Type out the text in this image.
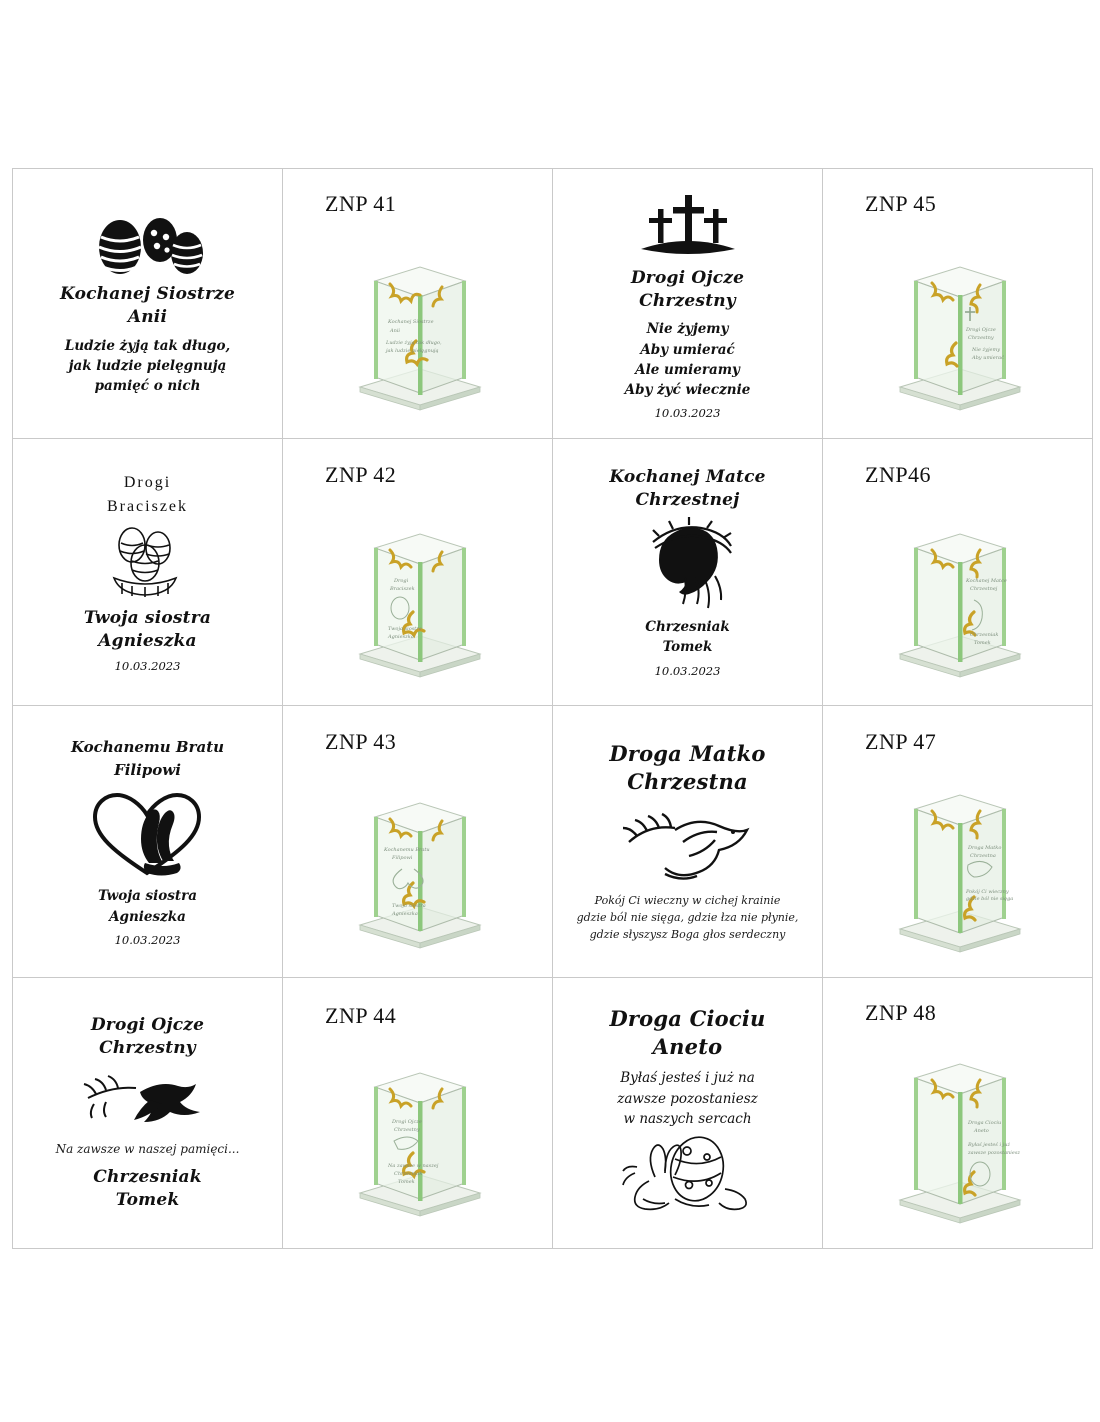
Kochanej Siostrze
Anii
Ludzie żyją tak długo,
jak ludzie pielęgnują
pamięć o nich

ZNP 41
Kochanej Siostrze
Anii
Ludzie żyją tak długo,
jak ludzie pielęgnują

Drogi Ojcze
Chrzestny
Nie żyjemy
Aby umierać
Ale umieramy
Aby żyć wiecznie
10.03.2023

ZNP 45
Drogi Ojcze
Chrzestny
Nie żyjemy
Aby umierać

Drogi
Braciszek
Twoja siostra
Agnieszka
10.03.2023

ZNP 42
Drogi
Braciszek
Twoja siostra
Agnieszka

Kochanej Matce
Chrzestnej
Chrzesniak
Tomek
10.03.2023

ZNP46
Kochanej Matce
Chrzestnej
Chrzesniak
Tomek

Kochanemu Bratu
Filipowi
Twoja siostra
Agnieszka
10.03.2023

ZNP 43
Kochanemu Bratu
Filipowi
Twoja siostra
Agnieszka

Droga Matko
Chrzestna
Pokój Ci wieczny w cichej krainie
gdzie ból nie sięga, gdzie łza nie płynie,
gdzie słyszysz Boga głos serdeczny

ZNP 47
Droga Matko
Chrzestna
Pokój Ci wieczny
gdzie ból nie sięga

Drogi Ojcze
Chrzestny
Na zawsze w naszej pamięci...
Chrzesniak
Tomek

ZNP 44
Drogi Ojcze
Chrzestny
Na zawsze w naszej
Chrzesniak
Tomek

Droga Ciociu
Aneto
Byłaś jesteś i już na
zawsze pozostaniesz
w naszych sercach

ZNP 48
Droga Ciociu
Aneto
Byłaś jesteś i już
zawsze pozostaniesz
